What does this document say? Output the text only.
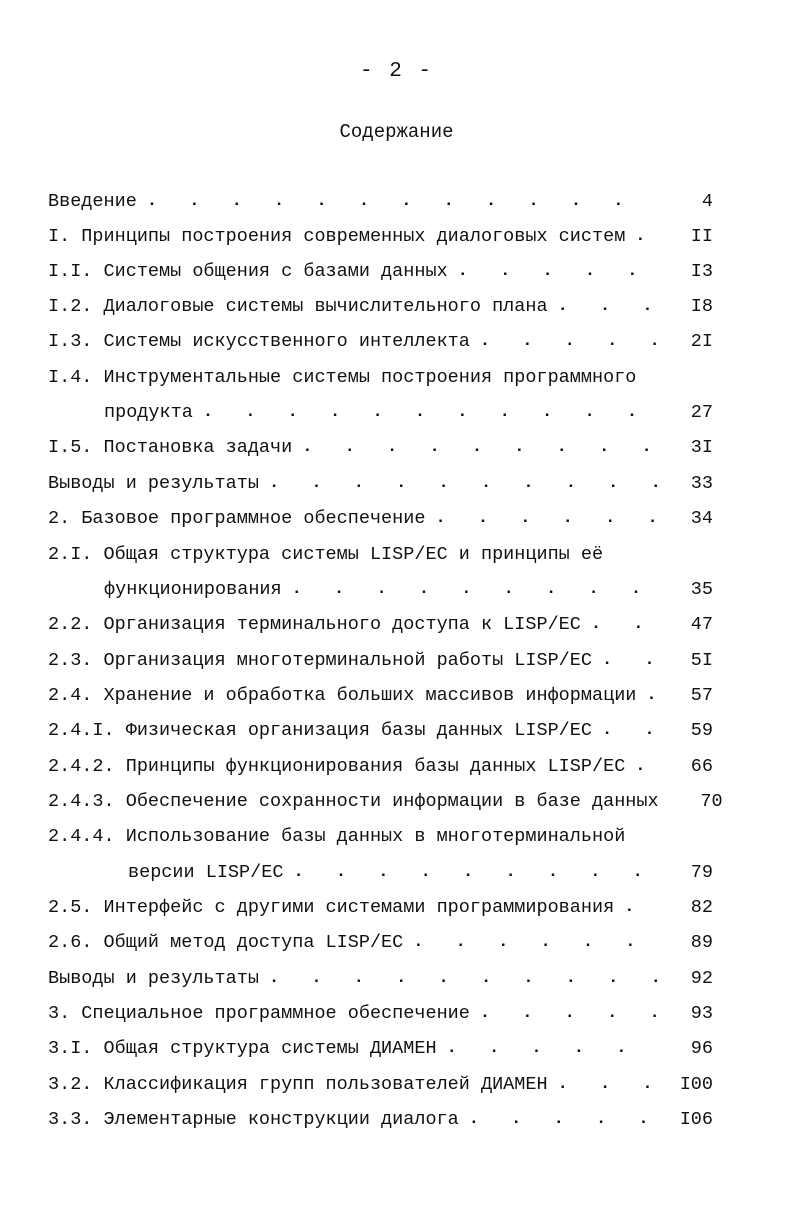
- 2 -
Содержание
Введение . . .	4
I. Принципы построения современных диалоговых систем . . .	II
I.I. Системы общения с базами данных . . .	I3
I.2. Диалоговые системы вычислительного плана . . .	I8
I.3. Системы искусственного интеллекта . . .	2I
I.4. Инструментальные системы построения программного
продукта . . .	27
I.5. Постановка задачи . . .	3I
Выводы и результаты . . .	33
2. Базовое программное обеспечение . . .	34
2.I. Общая структура системы LISP/EC и принципы её
функционирования . . .	35
2.2. Организация терминального доступа к LISP/EC . . .	47
2.3. Организация многотерминальной работы LISP/EC . . .	5I
2.4. Хранение и обработка больших массивов информации . . .	57
2.4.I. Физическая организация базы данных LISP/EC . . .	59
2.4.2. Принципы функционирования базы данных LISP/EC . . .	66
2.4.3. Обеспечение сохранности информации в базе данных	70
2.4.4. Использование базы данных в многотерминальной
версии LISP/EC . . .	79
2.5. Интерфейс с другими системами программирования . . .	82
2.6. Общий метод доступа LISP/EC . . .	89
Выводы и результаты . . .	92
3. Специальное программное обеспечение . . .	93
3.I. Общая структура системы ДИАМЕН . . .	96
3.2. Классификация групп пользователей ДИАМЕН . . .	I00
3.3. Элементарные конструкции диалога . . .	I06
